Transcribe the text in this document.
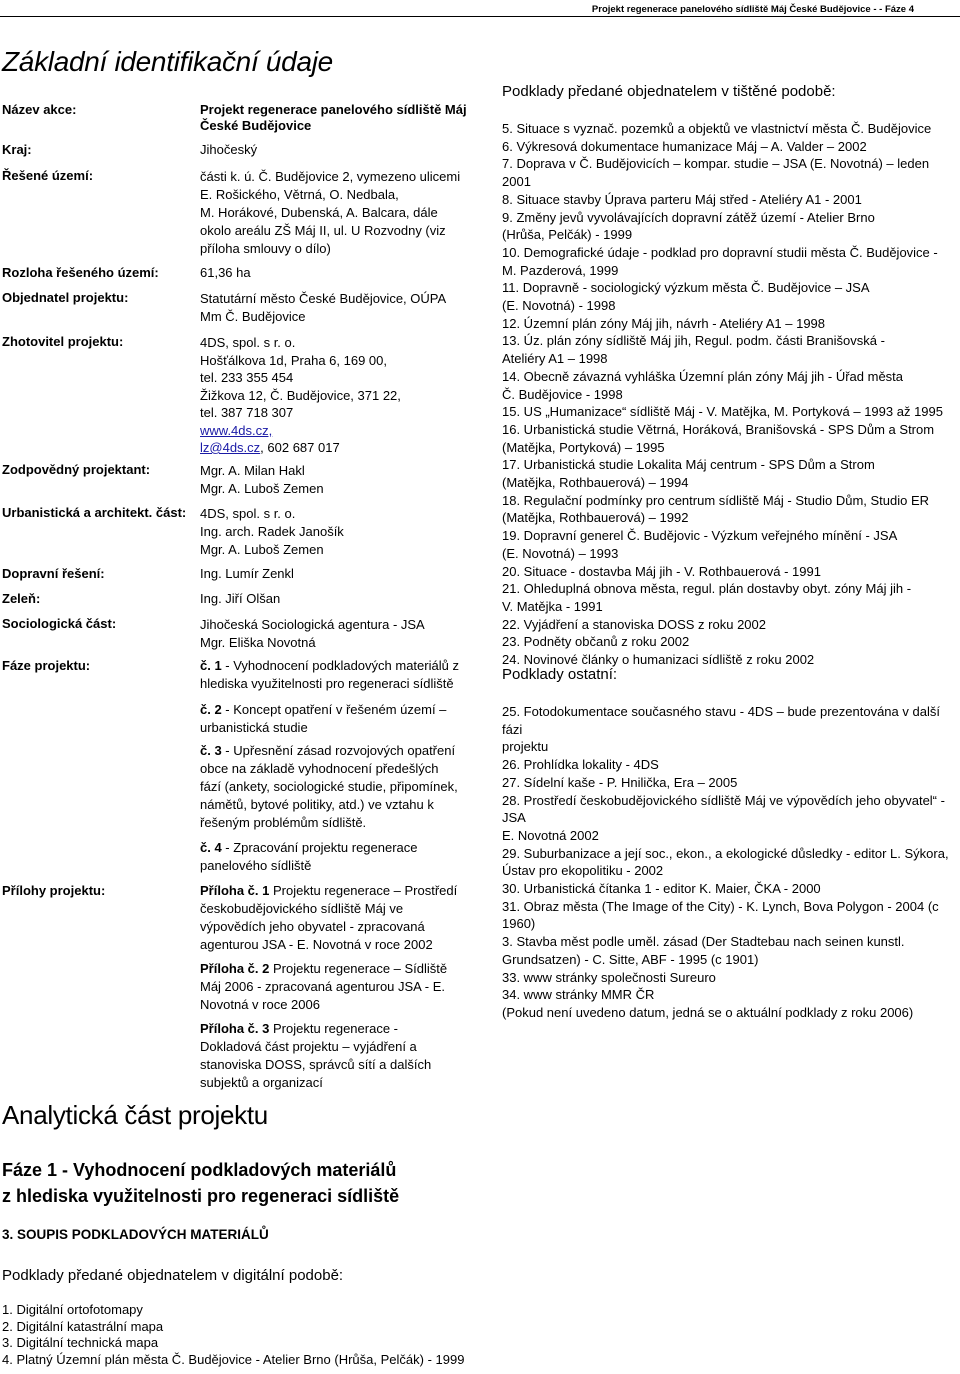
Projekt regenerace panelového sídliště Máj České Budějovice - - Fáze 4
Základní identifikační údaje
Název akce:	Projekt regenerace panelového sídliště Máj
České Budějovice
Kraj:	Jihočeský
Řešené území:	části k. ú. Č. Budějovice 2, vymezeno ulicemi
E. Rošického, Větrná, O. Nedbala,
M. Horákové, Dubenská, A. Balcara, dále
okolo areálu ZŠ Máj II, ul. U Rozvodny (viz
příloha smlouvy o dílo)
Rozloha řešeného území:	61,36 ha
Objednatel projektu:	Statutární město České Budějovice, OÚPA
Mm Č. Budějovice
Zhotovitel projektu:	4DS, spol. s r. o.
Hošťálkova 1d, Praha 6, 169 00,
tel. 233 355 454
Žižkova 12, Č. Budějovice, 371 22,
tel. 387 718 307
www.4ds.cz,
lz@4ds.cz, 602 687 017
Zodpovědný projektant:	Mgr. A. Milan Hakl
Mgr. A. Luboš Zemen
Urbanistická a architekt. část: 4DS, spol. s r. o.
Ing. arch. Radek Janošík
Mgr. A. Luboš Zemen
Dopravní řešení:	Ing. Lumír Zenkl
Zeleň:	Ing. Jiří Olšan
Sociologická část:	Jihočeská Sociologická agentura - JSA
Mgr. Eliška Novotná
Fáze projektu:	č. 1 - Vyhodnocení podkladových materiálů z hlediska využitelnosti pro regeneraci sídliště
č. 2 - Koncept opatření v řešeném území – urbanistická studie
č. 3 - Upřesnění zásad rozvojových opatření obce na základě vyhodnocení předešlých fází (ankety, sociologické studie, připomínek, námětů, bytové politiky, atd.) ve vztahu k řešeným problémům sídliště.
č. 4 - Zpracování projektu regenerace panelového sídliště
Přílohy projektu:	Příloha č. 1 Projektu regenerace – Prostředí českobudějovického sídliště Máj ve výpovědích jeho obyvatel - zpracovaná agenturou JSA - E. Novotná v roce 2002
Příloha č. 2 Projektu regenerace – Sídliště Máj 2006 - zpracovaná agenturou JSA - E. Novotná v roce 2006
Příloha č. 3 Projektu regenerace - Dokladová část projektu – vyjádření a stanoviska DOSS, správců sítí a dalších subjektů a organizací
Podklady předané objednatelem v tištěné podobě:
5. Situace s vyznač. pozemků a objektů ve vlastnictví města Č. Budějovice
6. Výkresová dokumentace humanizace Máj – A. Valder – 2002
7. Doprava v Č. Budějovicích – kompar. studie – JSA (E. Novotná) – leden 2001
8. Situace stavby Úprava parteru Máj střed - Ateliéry A1 - 2001
9. Změny jevů vyvolávajících dopravní zátěž území - Atelier Brno
(Hrůša, Pelčák) - 1999
10. Demografické údaje - podklad pro dopravní studii města Č. Budějovice -
M. Pazderová, 1999
11. Dopravně - sociologický výzkum města Č. Budějovice – JSA
(E. Novotná) - 1998
12. Územní plán zóny Máj jih, návrh - Ateliéry A1 – 1998
13. Úz. plán zóny sídliště Máj jih, Regul. podm. části Branišovská -
Ateliéry A1 – 1998
14. Obecně závazná vyhláška Územní plán zóny Máj jih - Úřad města
Č. Budějovice - 1998
15. US „Humanizace“ sídliště Máj - V. Matějka, M. Portyková – 1993 až 1995
16. Urbanistická studie Větrná, Horáková, Branišovská - SPS Dům a Strom
(Matějka, Portyková) – 1995
17. Urbanistická studie Lokalita Máj centrum - SPS Dům a Strom
(Matějka, Rothbauerová) – 1994
18. Regulační podmínky pro centrum sídliště Máj - Studio Dům, Studio ER
(Matějka, Rothbauerová) – 1992
19. Dopravní generel Č. Budějovic - Výzkum veřejného mínění - JSA
(E. Novotná) – 1993
20. Situace - dostavba Máj jih - V. Rothbauerová - 1991
21. Ohleduplná obnova města, regul. plán dostavby obyt. zóny Máj jih -
V. Matějka - 1991
22. Vyjádření a stanoviska DOSS z roku 2002
23. Podněty občanů z roku 2002
24. Novinové články o humanizaci sídliště z roku 2002
Podklady ostatní:
25. Fotodokumentace současného stavu - 4DS – bude prezentována v další fázi
projektu
26. Prohlídka lokality - 4DS
27. Sídelní kaše - P. Hnilička, Era – 2005
28. Prostředí českobudějovického sídliště Máj ve výpovědích jeho obyvatel“ - JSA
E. Novotná 2002
29. Suburbanizace a její soc., ekon., a ekologické důsledky - editor L. Sýkora,
Ústav pro ekopolitiku - 2002
30. Urbanistická čítanka 1 - editor K. Maier, ČKA - 2000
31. Obraz města (The Image of the City) - K. Lynch, Bova Polygon - 2004 (c
1960)
3. Stavba měst podle uměl. zásad (Der Stadtebau nach seinen kunstl.
Grundsatzen) - C. Sitte, ABF - 1995 (c 1901)
33. www stránky společnosti Sureuro
34. www stránky MMR ČR
(Pokud není uvedeno datum, jedná se o aktuální podklady z roku 2006)
Analytická část projektu
Fáze 1 - Vyhodnocení podkladových materiálů
z hlediska využitelnosti pro regeneraci sídliště
3. SOUPIS PODKLADOVÝCH MATERIÁLŮ
Podklady předané objednatelem v digitální podobě:
1. Digitální ortofotomapy
2. Digitální katastrální mapa
3. Digitální technická mapa
4. Platný Územní plán města Č. Budějovice - Atelier Brno (Hrůša, Pelčák) - 1999
